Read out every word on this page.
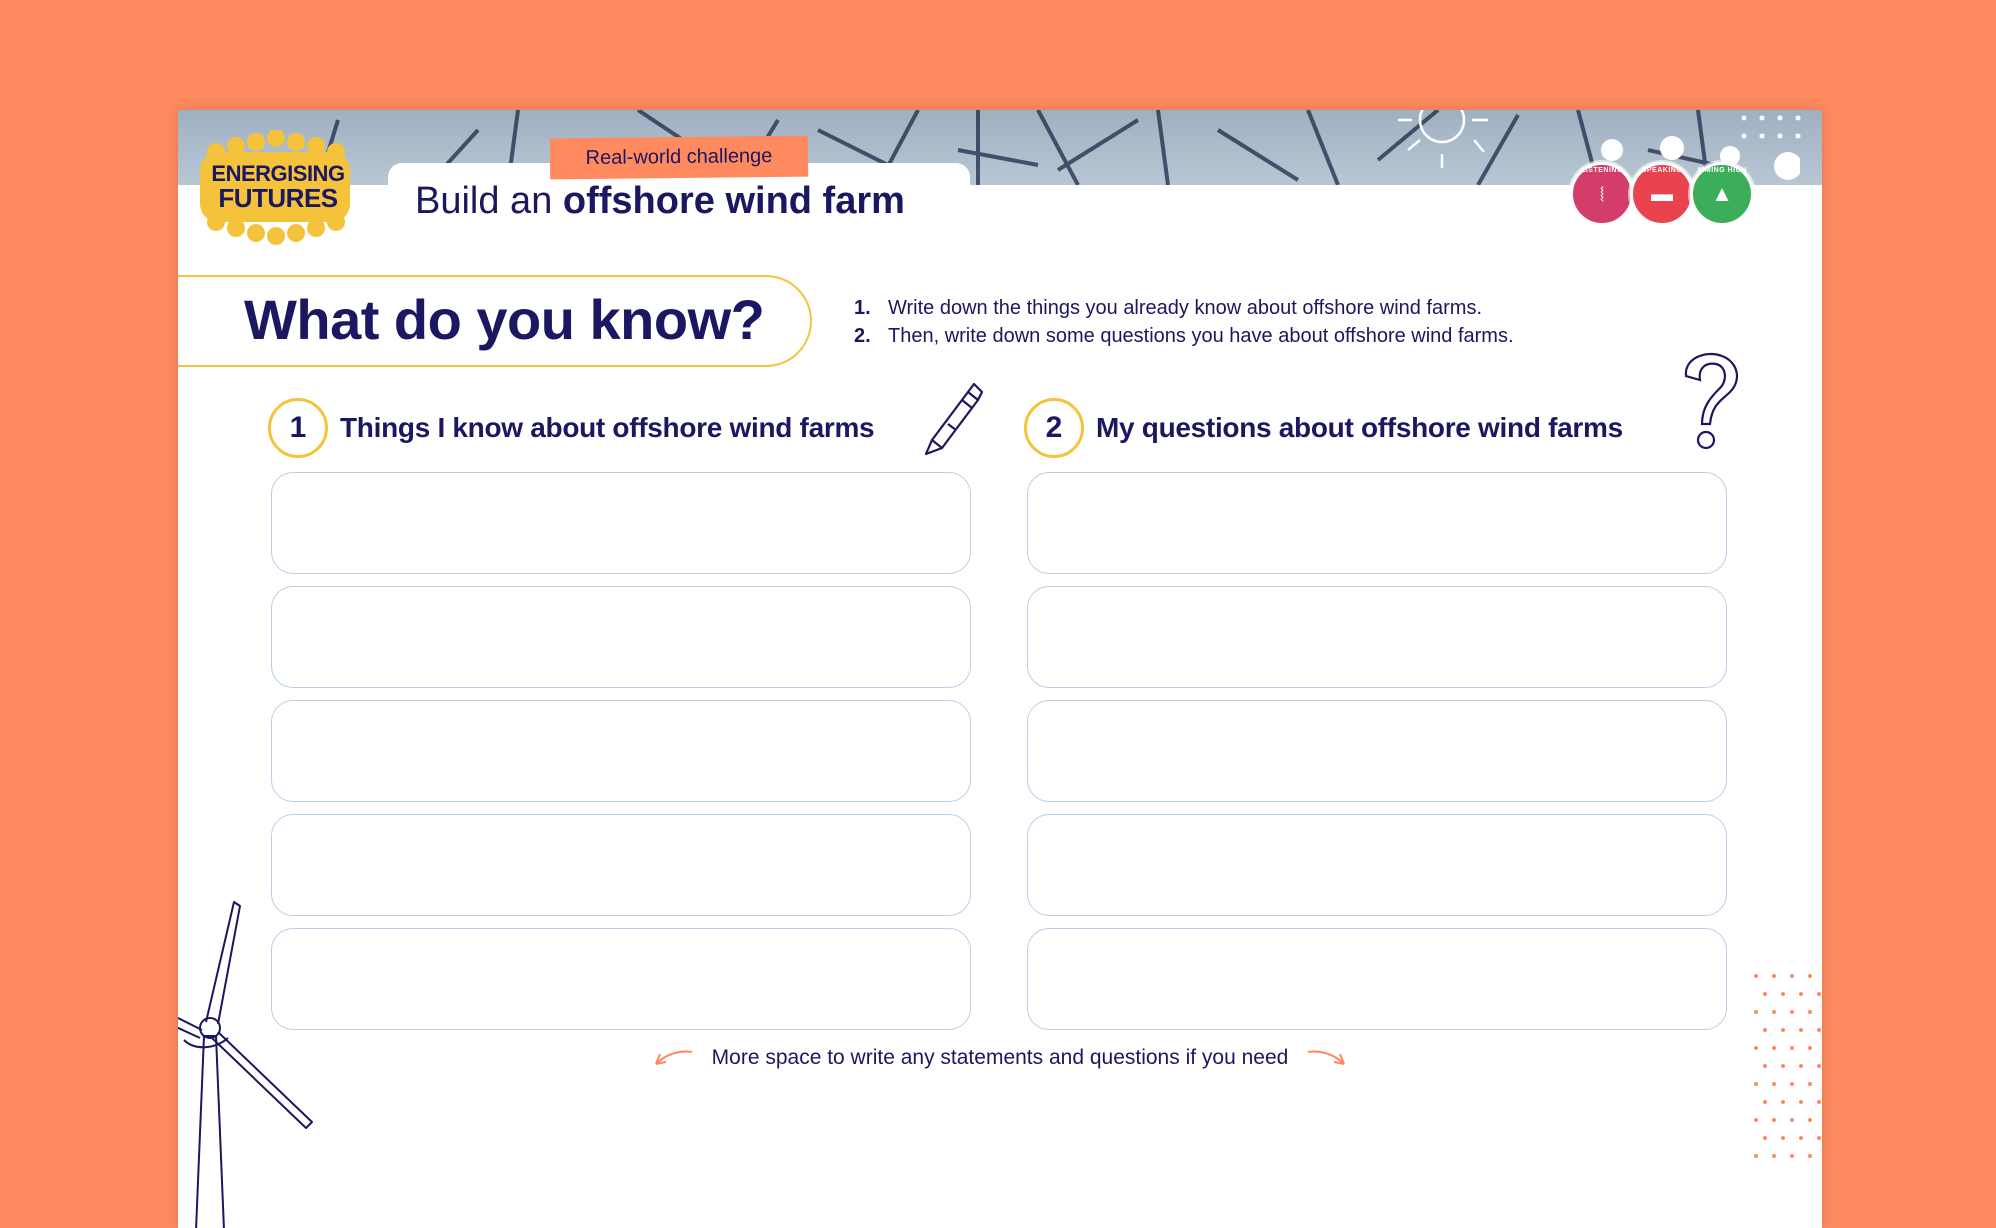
Real-world challenge
Build an offshore wind farm
ENERGISING
FUTURES
LISTENING
⧙
SPEAKING
▬
AIMING HIGH
▲
What do you know?	1. Write down the things you already know about offshore wind farms.
2. Then, write down some questions you have about offshore wind farms.
1	Things I know about offshore wind farms	2	My questions about offshore wind farms
More space to write any statements and questions if you need
